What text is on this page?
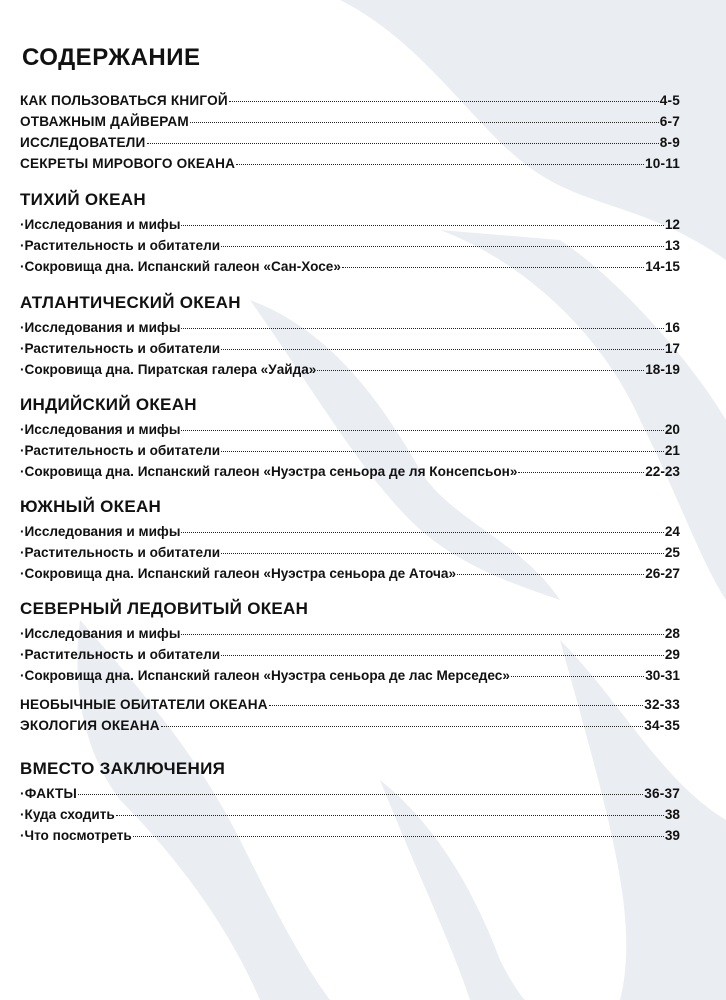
СОДЕРЖАНИЕ
КАК ПОЛЬЗОВАТЬСЯ КНИГОЙ	4-5
ОТВАЖНЫМ ДАЙВЕРАМ	6-7
ИССЛЕДОВАТЕЛИ	8-9
СЕКРЕТЫ МИРОВОГО ОКЕАНА	10-11
ТИХИЙ ОКЕАН
·Исследования и мифы	12
·Растительность и обитатели	13
·Сокровища дна. Испанский галеон «Сан-Хосе»	14-15
АТЛАНТИЧЕСКИЙ ОКЕАН
·Исследования и мифы	16
·Растительность и обитатели	17
·Сокровища дна. Пиратская галера «Уайда»	18-19
ИНДИЙСКИЙ ОКЕАН
·Исследования и мифы	20
·Растительность и обитатели	21
·Сокровища дна. Испанский галеон «Нуэстра сеньора де ля Консепсьон»	22-23
ЮЖНЫЙ ОКЕАН
·Исследования и мифы	24
·Растительность и обитатели	25
·Сокровища дна. Испанский галеон «Нуэстра сеньора де Аточа»	26-27
СЕВЕРНЫЙ ЛЕДОВИТЫЙ ОКЕАН
·Исследования и мифы	28
·Растительность и обитатели	29
·Сокровища дна. Испанский галеон «Нуэстра сеньора де лас Мерседес»	30-31
НЕОБЫЧНЫЕ ОБИТАТЕЛИ ОКЕАНА	32-33
ЭКОЛОГИЯ ОКЕАНА	34-35
ВМЕСТО ЗАКЛЮЧЕНИЯ
·ФАКТЫ	36-37
·Куда сходить	38
·Что посмотреть	39
